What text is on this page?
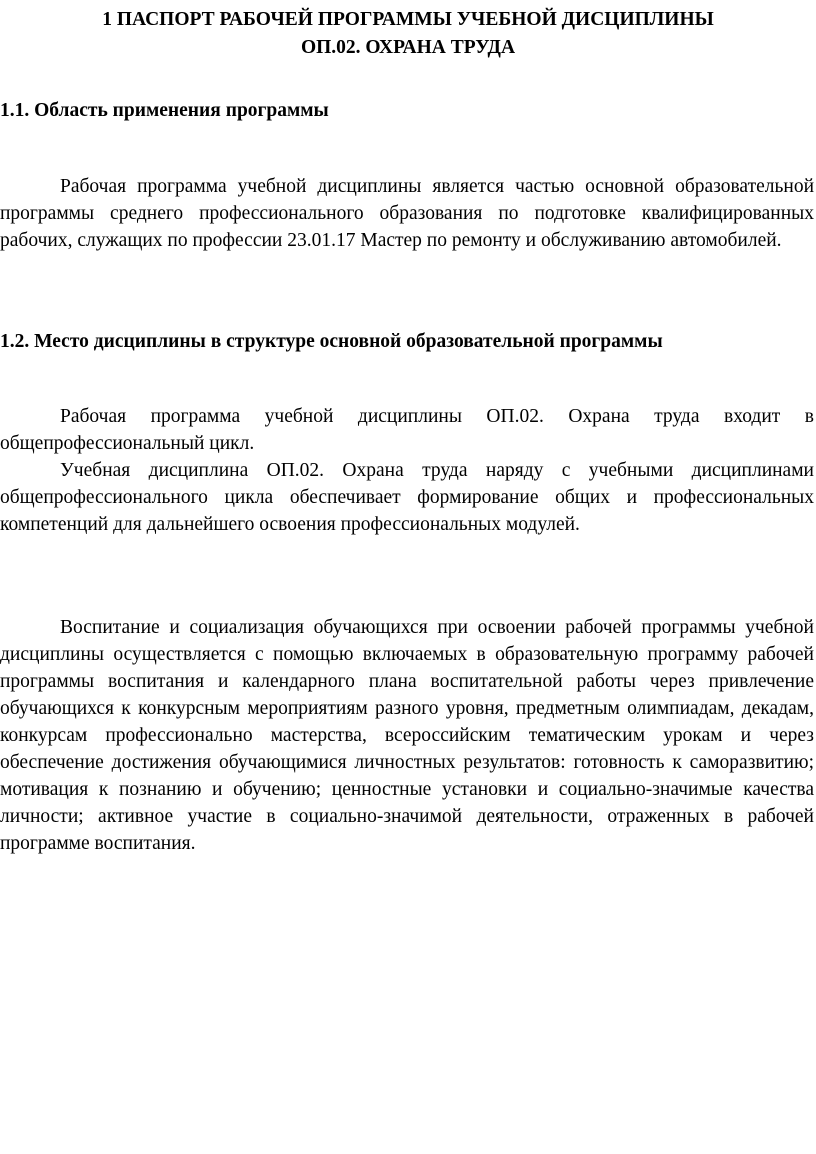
1 ПАСПОРТ РАБОЧЕЙ ПРОГРАММЫ УЧЕБНОЙ ДИСЦИПЛИНЫ

ОП.02. ОХРАНА ТРУДА

1.1. Область применения программы

Рабочая программа учебной дисциплины является частью основной образовательной программы среднего профессионального образования по подготовке квалифицированных рабочих, служащих по профессии 23.01.17 Мастер по ремонту и обслуживанию автомобилей.

1.2. Место дисциплины в структуре основной образовательной программы

Рабочая программа учебной дисциплины ОП.02. Охрана труда входит в общепрофессиональный цикл.

Учебная дисциплина ОП.02. Охрана труда наряду с учебными дисциплинами общепрофессионального цикла обеспечивает формирование общих и профессиональных компетенций для дальнейшего освоения профессиональных модулей.

Воспитание и социализация обучающихся при освоении рабочей программы учебной дисциплины осуществляется с помощью включаемых в образовательную программу рабочей программы воспитания и календарного плана воспитательной работы через привлечение обучающихся к конкурсным мероприятиям разного уровня, предметным олимпиадам, декадам, конкурсам профессионально мастерства, всероссийским тематическим урокам и через обеспечение достижения обучающимися личностных результатов: готовность к саморазвитию; мотивация к познанию и обучению; ценностные установки и социально-значимые качества личности; активное участие в социально-значимой деятельности, отраженных в рабочей программе воспитания.
